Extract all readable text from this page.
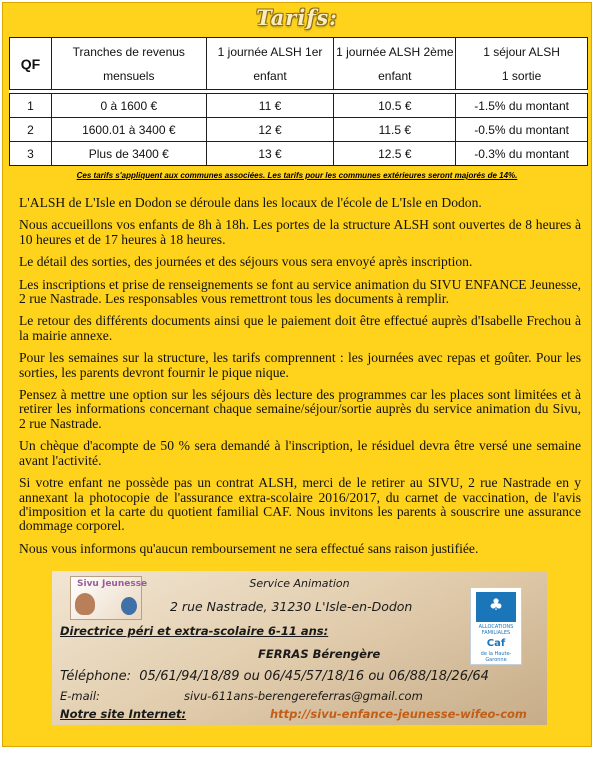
Tarifs:
QF	Tranches de revenus mensuels	1 journée ALSH 1er enfant	1 journée ALSH 2ème enfant	1 séjour ALSH
1 sortie

1	0 à 1600 €	11 €	10.5 €	-1.5% du montant
2	1600.01 à 3400 €	12 €	11.5 €	-0.5% du montant
3	Plus de 3400 €	13 €	12.5 €	-0.3% du montant
Ces tarifs s'appliquent aux communes associées. Les tarifs pour les communes extérieures seront majorés de 14%.

L'ALSH de L'Isle en Dodon se déroule dans les locaux de l'école de L'Isle en Dodon.

Nous accueillons vos enfants de 8h à 18h. Les portes de la structure ALSH sont ouvertes de 8 heures à 10 heures et de 17 heures à 18 heures.

Le détail des sorties, des journées et des séjours vous sera envoyé après inscription.

Les inscriptions et prise de renseignements se font au service animation du SIVU ENFANCE Jeunesse, 2 rue Nastrade. Les responsables vous remettront tous les documents à remplir.

Le retour des différents documents ainsi que le paiement doit être effectué auprès d'Isabelle Frechou à la mairie annexe.

Pour les semaines sur la structure, les tarifs comprennent : les journées avec repas et goûter. Pour les sorties, les parents devront fournir le pique nique.

Pensez à mettre une option sur les séjours dès lecture des programmes car les places sont limitées et à retirer les informations concernant chaque semaine/séjour/sortie auprès du service animation du Sivu, 2 rue Nastrade.

Un chèque d'acompte de 50 % sera demandé à l'inscription, le résiduel devra être versé une semaine avant l'activité.

Si votre enfant ne possède pas un contrat ALSH, merci de le retirer au SIVU, 2 rue Nastrade en y annexant la photocopie de l'assurance extra-scolaire 2016/2017, du carnet de vaccination, de l'avis d'imposition et la carte du quotient familial CAF. Nous invitons les parents à souscrire une assurance dommage corporel.

Nous vous informons qu'aucun remboursement ne sera effectué sans raison justifiée.

Sivu Jeunesse	Service Animation
2 rue Nastrade, 31230 L'Isle-en-Dodon
Directrice péri et extra-scolaire 6-11 ans:
FERRAS Bérengère
Téléphone: 05/61/94/18/89 ou 06/45/57/18/16 ou 06/88/18/26/64
E-mail:	sivu-611ans-berengereferras@gmail.com
Notre site Internet:	http://sivu-enfance-jeunesse-wifeo-com
♣
ALLOCATIONS FAMILIALES
Caf
de la Haute-Garonne
